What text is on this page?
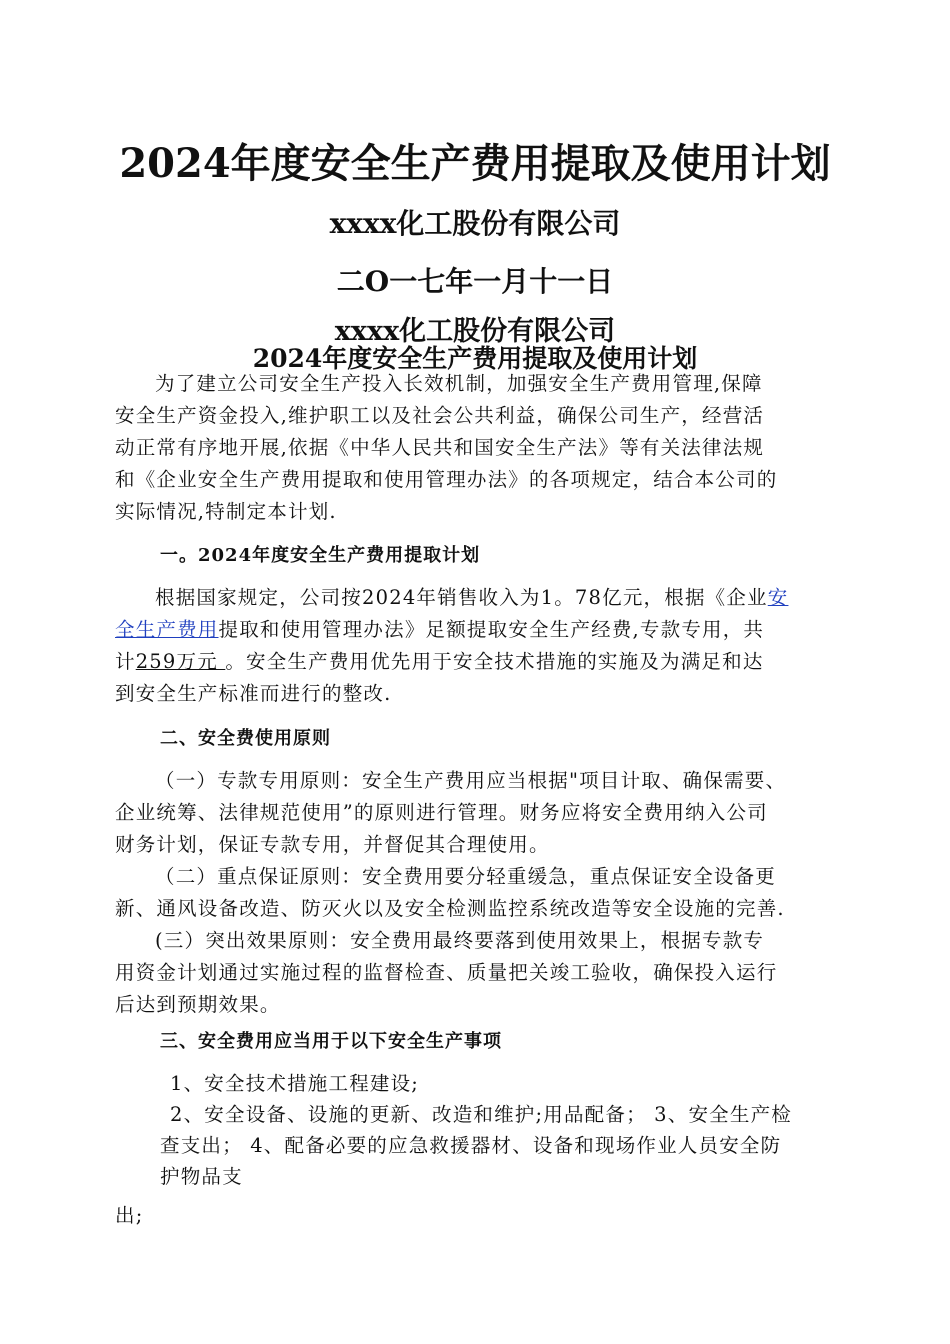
2024年度安全生产费用提取及使用计划
xxxx化工股份有限公司
二O一七年一月十一日
xxxx化工股份有限公司
2024年度安全生产费用提取及使用计划
为了建立公司安全生产投入长效机制，加强安全生产费用管理,保障
安全生产资金投入,维护职工以及社会公共利益，确保公司生产，经营活
动正常有序地开展,依据《中华人民共和国安全生产法》等有关法律法规
和《企业安全生产费用提取和使用管理办法》的各项规定，结合本公司的
实际情况,特制定本计划.
一。2024年度安全生产费用提取计划
根据国家规定，公司按2024年销售收入为1。78亿元，根据《企业安
全生产费用提取和使用管理办法》足额提取安全生产经费,专款专用，共
计259万元 。安全生产费用优先用于安全技术措施的实施及为满足和达
到安全生产标准而进行的整改.
二、安全费使用原则
（一）专款专用原则：安全生产费用应当根据"项目计取、确保需要、
企业统筹、法律规范使用”的原则进行管理。财务应将安全费用纳入公司
财务计划，保证专款专用，并督促其合理使用。
（二）重点保证原则：安全费用要分轻重缓急，重点保证安全设备更
新、通风设备改造、防灭火以及安全检测监控系统改造等安全设施的完善.
(三）突出效果原则：安全费用最终要落到使用效果上，根据专款专
用资金计划通过实施过程的监督检查、质量把关竣工验收，确保投入运行
后达到预期效果。
三、安全费用应当用于以下安全生产事项
1、安全技术措施工程建设;
2、安全设备、设施的更新、改造和维护;用品配备； 3、安全生产检
查支出； 4、配备必要的应急救援器材、设备和现场作业人员安全防
护物品支
出;
